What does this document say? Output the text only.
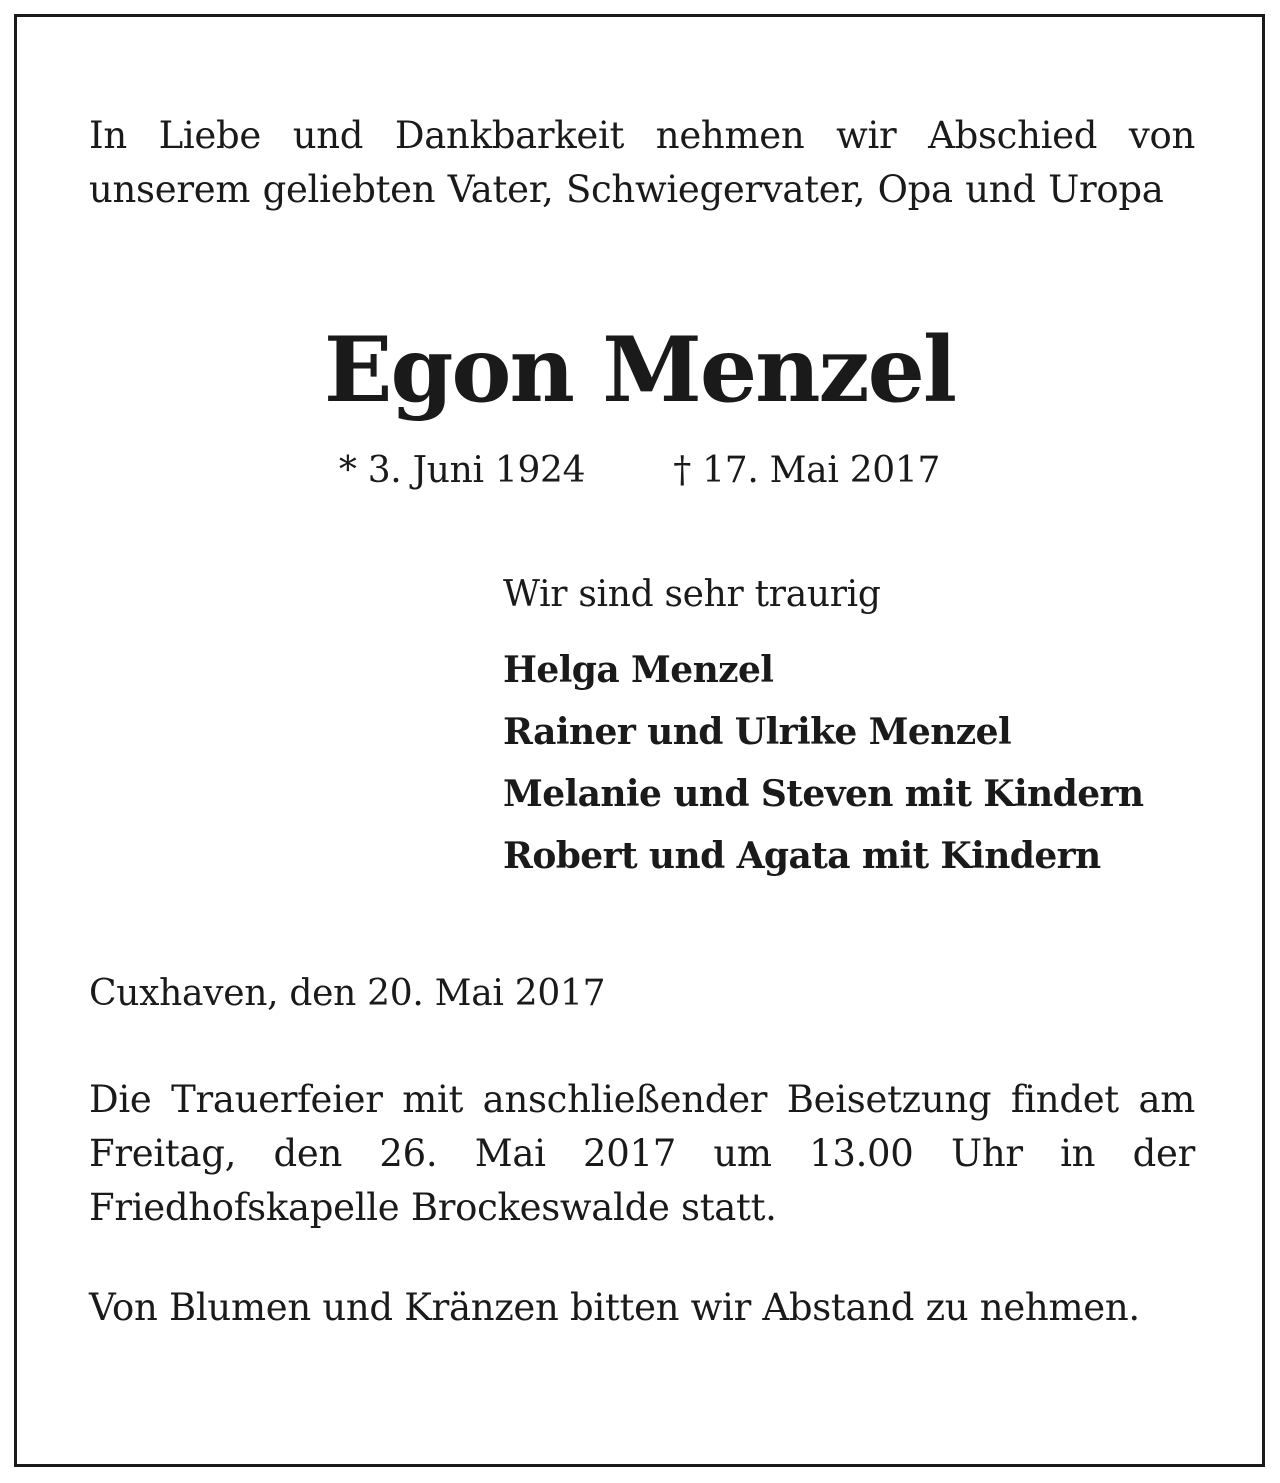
In Liebe und Dankbarkeit nehmen wir Abschied von unserem geliebten Vater, Schwiegervater, Opa und Uropa
Egon Menzel
* 3. Juni 1924 † 17. Mai 2017
Wir sind sehr traurig
Helga Menzel
Rainer und Ulrike Menzel
Melanie und Steven mit Kindern
Robert und Agata mit Kindern
Cuxhaven, den 20. Mai 2017
Die Trauerfeier mit anschließender Beisetzung findet am Freitag, den 26. Mai 2017 um 13.00 Uhr in der Friedhofskapelle Brockeswalde statt.
Von Blumen und Kränzen bitten wir Abstand zu nehmen.
